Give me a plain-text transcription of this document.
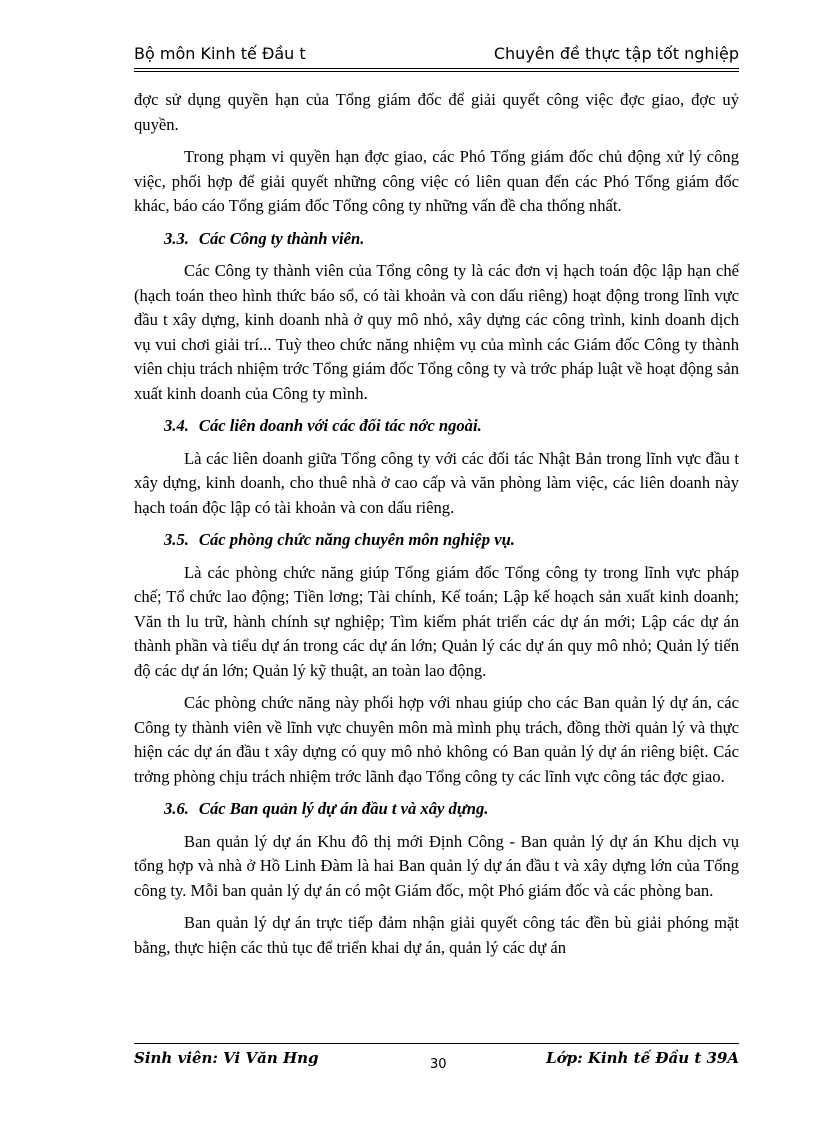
Bộ môn Kinh tế Đầu t	Chuyên đề thực tập tốt nghiệp

đợc sử dụng quyền hạn của Tổng giám đốc để giải quyết công việc đợc giao, đợc uỷ quyền.

Trong phạm vi quyền hạn đợc giao, các Phó Tổng giám đốc chủ động xử lý công việc, phối hợp để giải quyết những công việc có liên quan đến các Phó Tổng giám đốc khác, báo cáo Tổng giám đốc Tổng công ty những vấn đề cha thống nhất.

3.3. Các Công ty thành viên.

Các Công ty thành viên của Tổng công ty là các đơn vị hạch toán độc lập hạn chế (hạch toán theo hình thức báo sổ, có tài khoản và con dấu riêng) hoạt động trong lĩnh vực đầu t xây dựng, kinh doanh nhà ở quy mô nhỏ, xây dựng các công trình, kinh doanh dịch vụ vui chơi giải trí... Tuỳ theo chức năng nhiệm vụ của mình các Giám đốc Công ty thành viên chịu trách nhiệm trớc Tổng giám đốc Tổng công ty và trớc pháp luật về hoạt động sản xuất kinh doanh của Công ty mình.

3.4. Các liên doanh với các đối tác nớc ngoài.

Là các liên doanh giữa Tổng công ty với các đối tác Nhật Bản trong lĩnh vực đầu t xây dựng, kinh doanh, cho thuê nhà ở cao cấp và văn phòng làm việc, các liên doanh này hạch toán độc lập có tài khoản và con dấu riêng.

3.5. Các phòng chức năng chuyên môn nghiệp vụ.

Là các phòng chức năng giúp Tổng giám đốc Tổng công ty trong lĩnh vực pháp chế; Tổ chức lao động; Tiền lơng; Tài chính, Kế toán; Lập kế hoạch sản xuất kinh doanh; Văn th lu trữ, hành chính sự nghiệp; Tìm kiếm phát triển các dự án mới; Lập các dự án thành phần và tiểu dự án trong các dự án lớn; Quản lý các dự án quy mô nhỏ; Quản lý tiến độ các dự án lớn; Quản lý kỹ thuật, an toàn lao động.

Các phòng chức năng này phối hợp với nhau giúp cho các Ban quản lý dự án, các Công ty thành viên về lĩnh vực chuyên môn mà mình phụ trách, đồng thời quản lý và thực hiện các dự án đầu t xây dựng có quy mô nhỏ không có Ban quản lý dự án riêng biệt. Các trởng phòng chịu trách nhiệm trớc lãnh đạo Tổng công ty các lĩnh vực công tác đợc giao.

3.6. Các Ban quản lý dự án đầu t và xây dựng.

Ban quản lý dự án Khu đô thị mới Định Công - Ban quản lý dự án Khu dịch vụ tổng hợp và nhà ở Hồ Linh Đàm là hai Ban quản lý dự án đầu t và xây dựng lớn của Tổng công ty. Mỗi ban quản lý dự án có một Giám đốc, một Phó giám đốc và các phòng ban.

Ban quản lý dự án trực tiếp đảm nhận giải quyết công tác đền bù giải phóng mặt bằng, thực hiện các thủ tục để triển khai dự án, quản lý các dự án

Sinh viên: Vi Văn Hng	30	Lớp: Kinh tế Đầu t 39A
